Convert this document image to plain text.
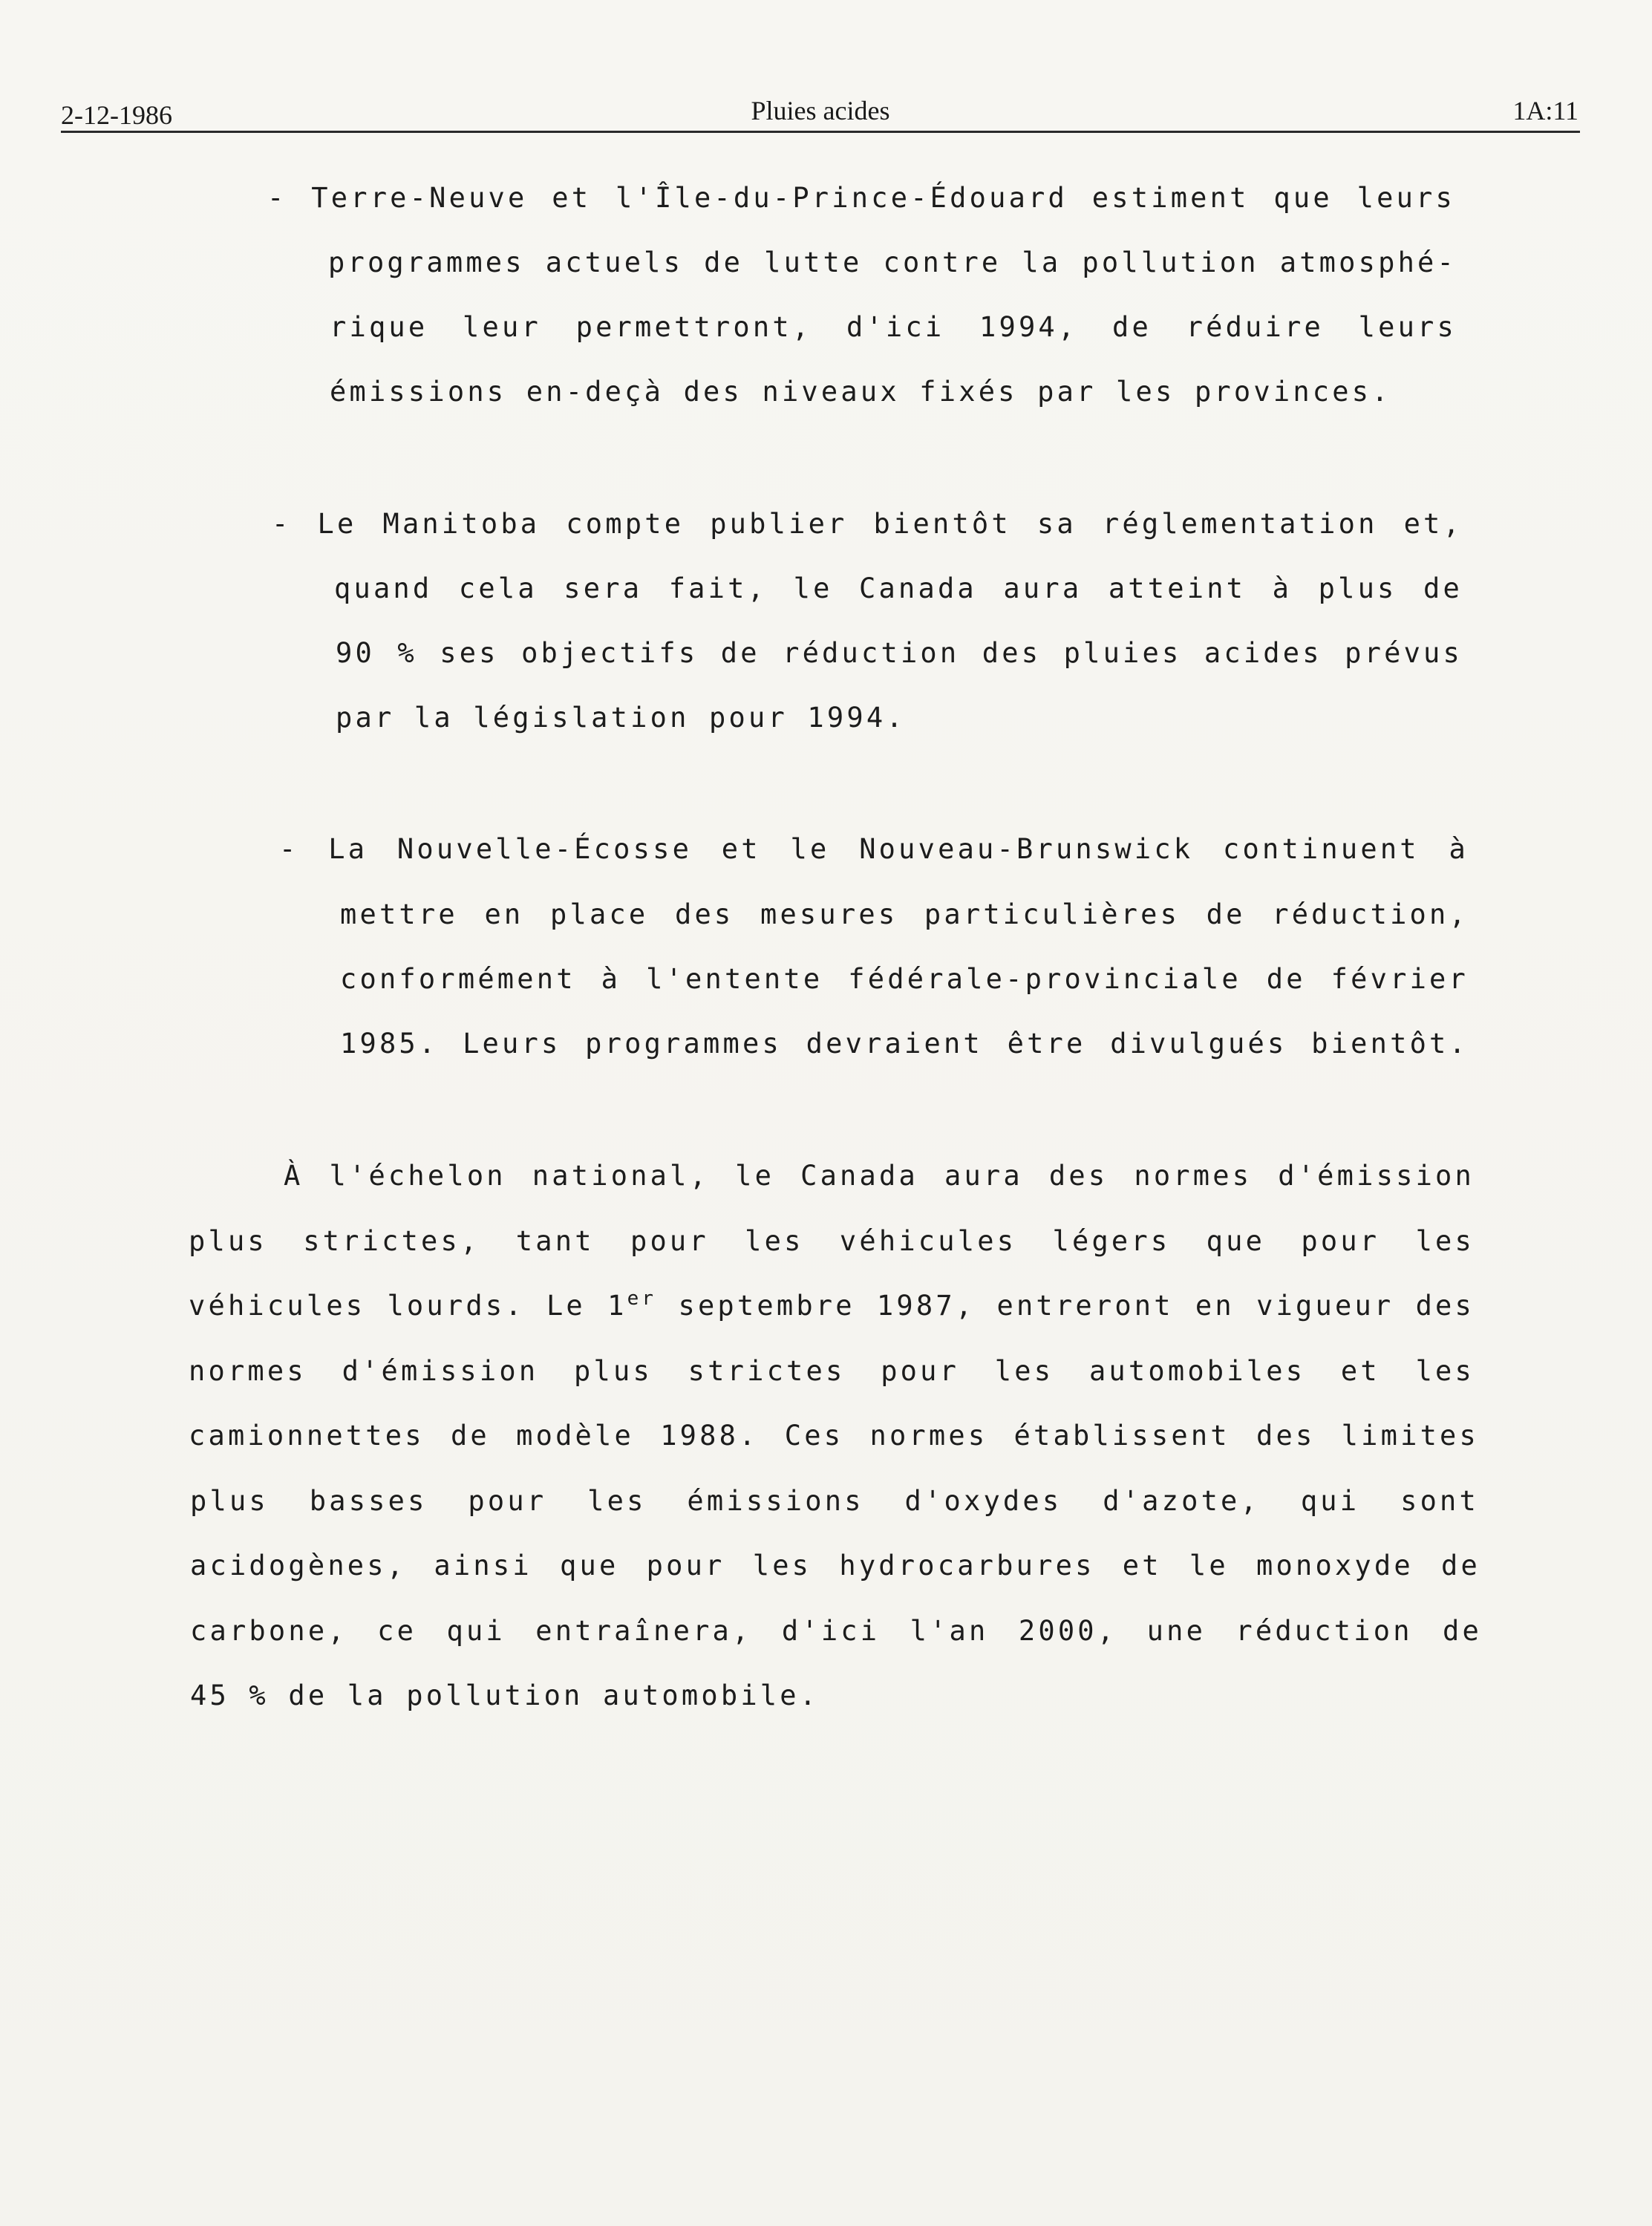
2-12-1986	Pluies acides	1A:11
- Terre-Neuve et l'Île-du-Prince-Édouard estiment que leurs
programmes actuels de lutte contre la pollution atmosphé-
rique leur permettront, d'ici 1994, de réduire leurs
émissions en-deçà des niveaux fixés par les provinces.
- Le Manitoba compte publier bientôt sa réglementation et,
quand cela sera fait, le Canada aura atteint à plus de
90 % ses objectifs de réduction des pluies acides prévus
par la législation pour 1994.
- La Nouvelle-Écosse et le Nouveau-Brunswick continuent à
mettre en place des mesures particulières de réduction,
conformément à l'entente fédérale-provinciale de février
1985. Leurs programmes devraient être divulgués bientôt.
À l'échelon national, le Canada aura des normes d'émission
plus strictes, tant pour les véhicules légers que pour les
véhicules lourds. Le 1er septembre 1987, entreront en vigueur des
normes d'émission plus strictes pour les automobiles et les
camionnettes de modèle 1988. Ces normes établissent des limites
plus basses pour les émissions d'oxydes d'azote, qui sont
acidogènes, ainsi que pour les hydrocarbures et le monoxyde de
carbone, ce qui entraînera, d'ici l'an 2000, une réduction de
45 % de la pollution automobile.
